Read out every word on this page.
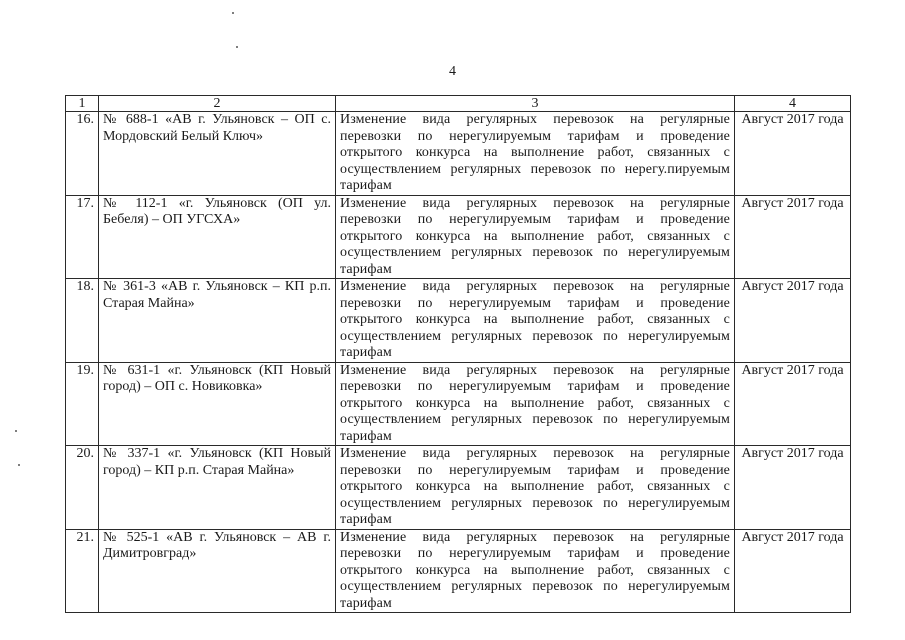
4
1	2	3	4
16.	№ 688-1 «АВ г. Ульяновск – ОП с. Мордовский Белый Ключ»	Изменение вида регулярных перевозок на регулярные перевозки по нерегулируемым тарифам и проведение открытого конкурса на выполнение работ, связанных с осуществлением регулярных перевозок по нерегу.пируемым тарифам	Август 2017 года
17.	№ 112-1 «г. Ульяновск (ОП ул. Бебеля) – ОП УГСХА»	Изменение вида регулярных перевозок на регулярные перевозки по нерегулируемым тарифам и проведение открытого конкурса на выполнение работ, связанных с осуществлением регулярных перевозок по нерегулируемым тарифам	Август 2017 года
18.	№ 361-3 «АВ г. Ульяновск – КП р.п. Старая Майна»	Изменение вида регулярных перевозок на регулярные перевозки по нерегулируемым тарифам и проведение открытого конкурса на выполнение работ, связанных с осуществлением регулярных перевозок по нерегулируемым тарифам	Август 2017 года
19.	№ 631-1 «г. Ульяновск (КП Новый город) – ОП с. Новиковка»	Изменение вида регулярных перевозок на регулярные перевозки по нерегулируемым тарифам и проведение открытого конкурса на выполнение работ, связанных с осуществлением регулярных перевозок по нерегулируемым тарифам	Август 2017 года
20.	№ 337-1 «г. Ульяновск (КП Новый город) – КП р.п. Старая Майна»	Изменение вида регулярных перевозок на регулярные перевозки по нерегулируемым тарифам и проведение открытого конкурса на выполнение работ, связанных с осуществлением регулярных перевозок по нерегулируемым тарифам	Август 2017 года
21.	№ 525-1 «АВ г. Ульяновск – АВ г. Димитровград»	Изменение вида регулярных перевозок на регулярные перевозки по нерегулируемым тарифам и проведение открытого конкурса на выполнение работ, связанных с осуществлением регулярных перевозок по нерегулируемым тарифам	Август 2017 года
